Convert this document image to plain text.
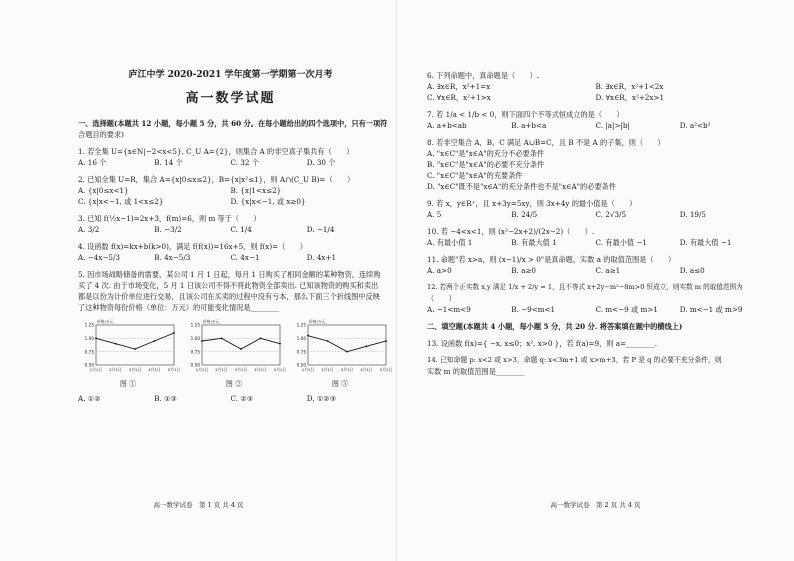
庐江中学 2020-2021 学年度第一学期第一次月考
高一数学试题
一、选择题(本题共 12 小题，每小题 5 分，共 60 分。在每小题给出的四个选项中，只有一项符
合题目的要求)
1. 若全集 U={x∈N|−2<x<5}, C_U A={2}，则集合 A 的非空真子集共有（　　）
A. 16 个	B. 14 个	C. 32 个	D. 30 个
2. 已知全集 U=R，集合 A={x|0≤x≤2}，B={x|x²≤1}，则 A∩(C_U B)=（　　）
A. {x|0≤x<1}	B. {x|1<x≤2}
C. {x|x<−1, 或 1<x≤2}	D. {x|x<−1, 或 x≥0}
3. 已知 f(½x−1)=2x+3，f(m)=6，则 m 等于（　　）
A. 3/2	B. −3/2	C. 1/4	D. −1/4
4. 设函数 f(x)=kx+b(k>0)，满足 f(f(x))=16x+5，则 f(x)=（　　）
A. −4x−5/3	B. 4x−5/3	C. 4x−1	D. 4x+1
5. 因市场战略储备的需要，某公司 1 月 1 日起，每月 1 日购买了相同金额的某种物资，连续购
买了 4 次. 由于市场变化，5 月 1 日该公司不得不将此物资全部卖出. 已知该物资的购买和卖出
都是以份为计价单位进行交易，且该公司在买卖的过程中没有亏本，那么下面三个折线图中反映
了这种物资每份价格（单位：万元）的可能变化情况是________
0.50
0.75
1.00
1.25
1月1日 2月1日 3月1日 4月1日 5月1日
价格/万元
图 ①
0.50
0.75
1.00
1.25
1月1日 2月1日 3月1日 4月1日 5月1日
价格/万元
图 ②
0.50
0.75
1.00
1.25
1月1日 2月1日 3月1日 4月1日 5月1日
价格/万元
图 ③
A. ①②	B. ①③	C. ②③	D. ①②③
高一数学试卷　第 1 页 共 4 页
6. 下列命题中，真命题是（　　）.
A. ∃x∈R，x²+1=x	B. ∃x∈R，x²+1<2x
C. ∀x∈R，x²+1>x	D. ∀x∈R，x²+2x>1
7. 若 1/a < 1/b < 0，则下面四个不等式恒成立的是（　　）
A. a+b<ab	B. a+b<a	C. |a|>|b|	D. a²<b²
8. 若非空集合 A，B，C 满足 A∪B=C，且 B 不是 A 的子集，则（　　）
A. "x∈C"是"x∈A"的充分不必要条件
B. "x∈C"是"x∈A"的必要不充分条件
C. "x∈C"是"x∈A"的充要条件
D. "x∈C"既不是"x∈A"的充分条件也不是"x∈A"的必要条件
9. 若 x，y∈R⁺，且 x+3y=5xy，则 3x+4y 的最小值是（　　）
A. 5	B. 24/5	C. 2√3/5	D. 19/5
10. 若 −4<x<1，则 (x²−2x+2)/(2x−2)（　　）.
A. 有最小值 1	B. 有最大值 1	C. 有最小值 −1	D. 有最大值 −1
11. 命题"若 x>a，则 (x−1)/x > 0"是真命题，实数 a 的取值范围是（　　）
A. a>0	B. a≥0	C. a≥1	D. a≤0
12. 若两个正实数 x,y 满足 1/x + 2/y = 1，且不等式 x+2y−m²−8m>0 恒成立，则实数 m 的取值范围为
（　　）
A. −1<m<9	B. −9<m<1	C. m<−9 或 m>1	D. m<−1 或 m>9
二、填空题(本题共 4 小题，每小题 5 分，共 20 分. 将答案填在题中的横线上)
13. 设函数 f(x)={ −x, x≤0；x², x>0 }，若 f(a)=9，则 a=________.
14. 已知命题 p: x<2 或 x>3，命题 q: x<3m+1 或 x>m+3，若 P 是 q 的必要不充分条件，则
实数 m 的取值范围是________
高一数学试卷　第 2 页 共 4 页
